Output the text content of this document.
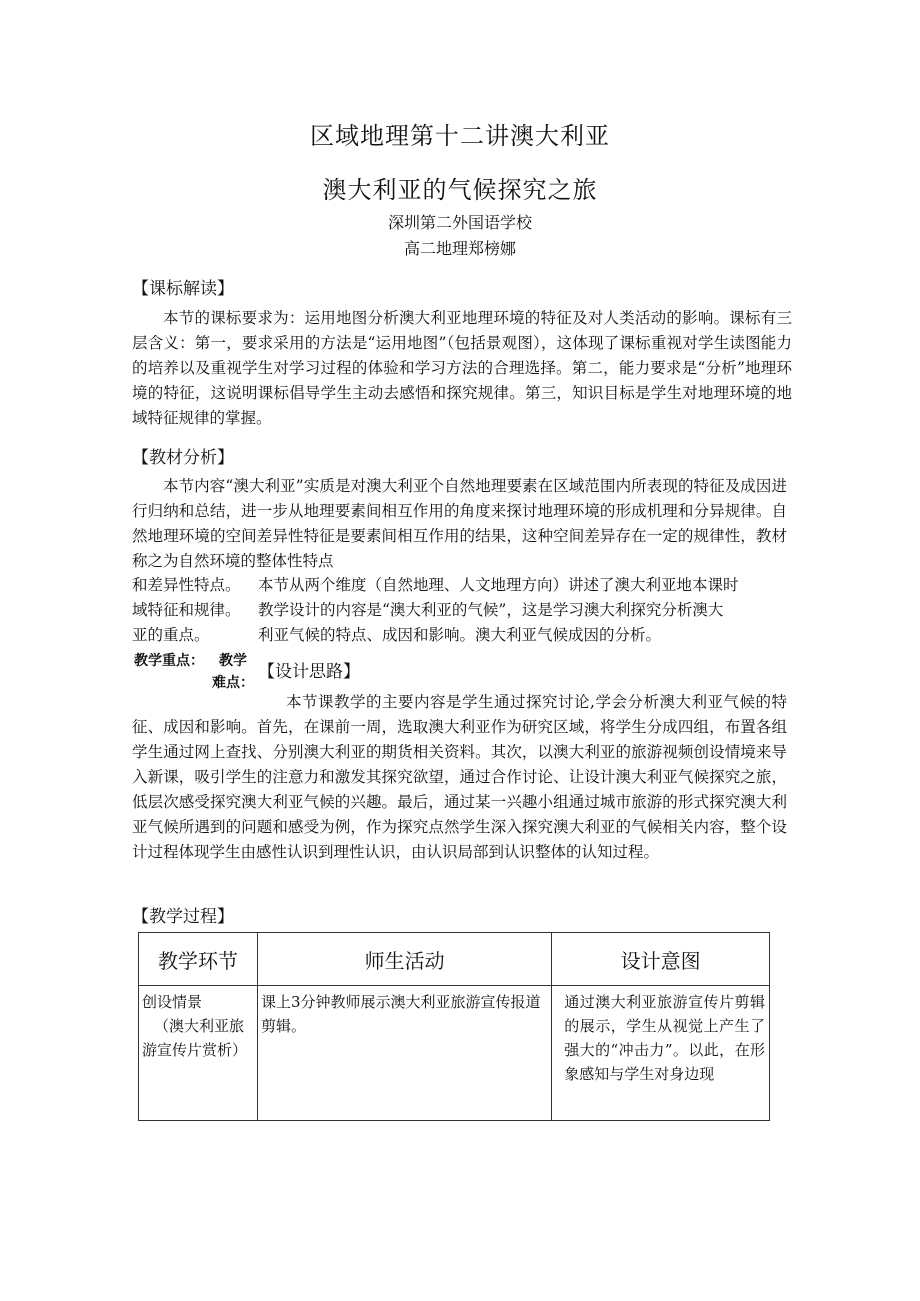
区域地理第十二讲澳大利亚
澳大利亚的气候探究之旅
深圳第二外国语学校
高二地理郑榜娜
【课标解读】

本节的课标要求为：运用地图分析澳大利亚地理环境的特征及对人类活动的影响。课标有三层含义：第一，要求采用的方法是“运用地图”（包括景观图），这体现了课标重视对学生读图能力的培养以及重视学生对学习过程的体验和学习方法的合理选择。第二，能力要求是“分析”地理环境的特征，这说明课标倡导学生主动去感悟和探究规律。第三，知识目标是学生对地理环境的地域特征规律的掌握。

【教材分析】

本节内容“澳大利亚”实质是对澳大利亚个自然地理要素在区域范围内所表现的特征及成因进行归纳和总结，进一步从地理要素间相互作用的角度来探讨地理环境的形成机理和分异规律。自然地理环境的空间差异性特征是要素间相互作用的结果，这种空间差异存在一定的规律性，教材称之为自然环境的整体性特点

和差异性特点。
域特征和规律。
亚的重点。
本节从两个维度（自然地理、人文地理方向）讲述了澳大利亚地本课时
教学设计的内容是“澳大利亚的气候”，这是学习澳大利探究分析澳大
利亚气候的特点、成因和影响。澳大利亚气候成因的分析。
教学重点： 教学
难点：
【设计思路】

本节课教学的主要内容是学生通过探究讨论,学会分析澳大利亚气候的特征、成因和影响。首先，在课前一周，选取澳大利亚作为研究区域，将学生分成四组，布置各组学生通过网上查找、分别澳大利亚的期货相关资料。其次，以澳大利亚的旅游视频创设情境来导入新课，吸引学生的注意力和激发其探究欲望，通过合作讨论、让设计澳大利亚气候探究之旅，低层次感受探究澳大利亚气候的兴趣。最后，通过某一兴趣小组通过城市旅游的形式探究澳大利亚气候所遇到的问题和感受为例，作为探究点然学生深入探究澳大利亚的气候相关内容，整个设计过程体现学生由感性认识到理性认识，由认识局部到认识整体的认知过程。

【教学过程】
教学环节	师生活动	设计意图

创设情景
（澳大利亚旅游宣传片赏析）	课上3分钟教师展示澳大利亚旅游宣传报道剪辑。	通过澳大利亚旅游宣传片剪辑的展示，学生从视觉上产生了强大的“冲击力”。以此，在形象感知与学生对身边现
